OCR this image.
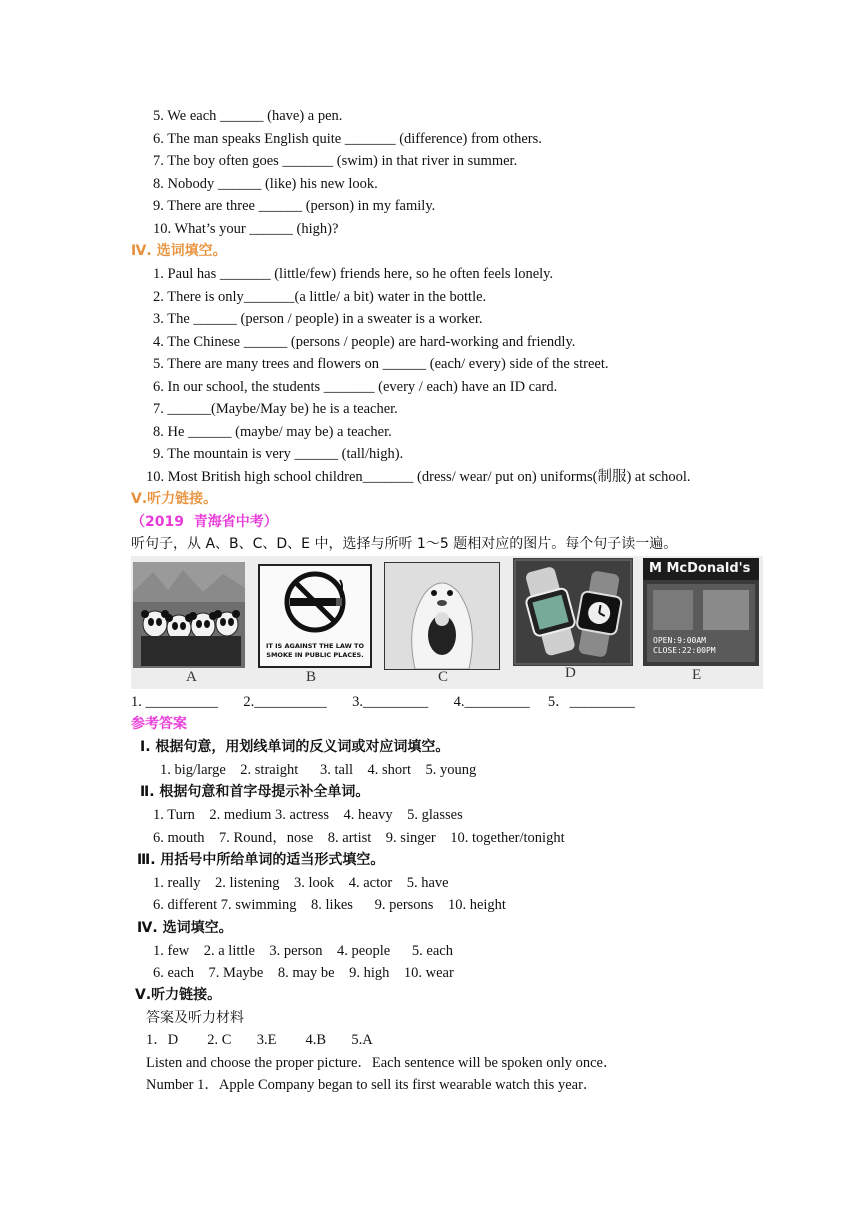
5. We each ______ (have) a pen.
6. The man speaks English quite _______ (difference) from others.
7. The boy often goes _______ (swim) in that river in summer.
8. Nobody ______ (like) his new look.
9. There are three ______ (person) in my family.
10. What’s your ______ (high)?
Ⅳ. 选词填空。
1. Paul has _______ (little/few) friends here, so he often feels lonely.
2. There is only_______(a little/ a bit) water in the bottle.
3. The ______ (person / people) in a sweater is a worker.
4. The Chinese ______ (persons / people) are hard-working and friendly.
5. There are many trees and flowers on ______ (each/ every) side of the street.
6. In our school, the students _______ (every / each) have an ID card.
7. ______(Maybe/May be) he is a teacher.
8. He ______ (maybe/ may be) a teacher.
9. The mountain is very ______ (tall/high).
10. Most British high school children_______ (dress/ wear/ put on) uniforms(制服) at school.
Ⅴ.听力链接。
（2019  青海省中考）
听句子，从 A、B、C、D、E 中，选择与所听 1～5 题相对应的图片。每个句子读一遍。
IT IS AGAINST THE LAW TO SMOKE IN PUBLIC PLACES.
M McDonald's
OPEN:9:00AM
CLOSE:22:00PM
A	B	C	D	E
1. __________       2.__________       3._________       4._________     5．_________
参考答案
Ⅰ. 根据句意，用划线单词的反义词或对应词填空。
1. big/large    2. straight      3. tall    4. short    5. young
Ⅱ. 根据句意和首字母提示补全单词。
1. Turn    2. medium 3. actress    4. heavy    5. glasses
6. mouth    7. Round，nose    8. artist    9. singer    10. together/tonight
Ⅲ. 用括号中所给单词的适当形式填空。
1. really    2. listening    3. look    4. actor    5. have
6. different 7. swimming    8. likes      9. persons    10. height
Ⅳ. 选词填空。
1. few    2. a little    3. person    4. people      5. each
6. each    7. Maybe    8. may be    9. high    10. wear
Ⅴ.听力链接。
答案及听力材料
1．D        2. C       3.E        4.B       5.A
Listen and choose the proper picture．Each sentence will be spoken only once．
Number 1．Apple Company began to sell its first wearable watch this year．
